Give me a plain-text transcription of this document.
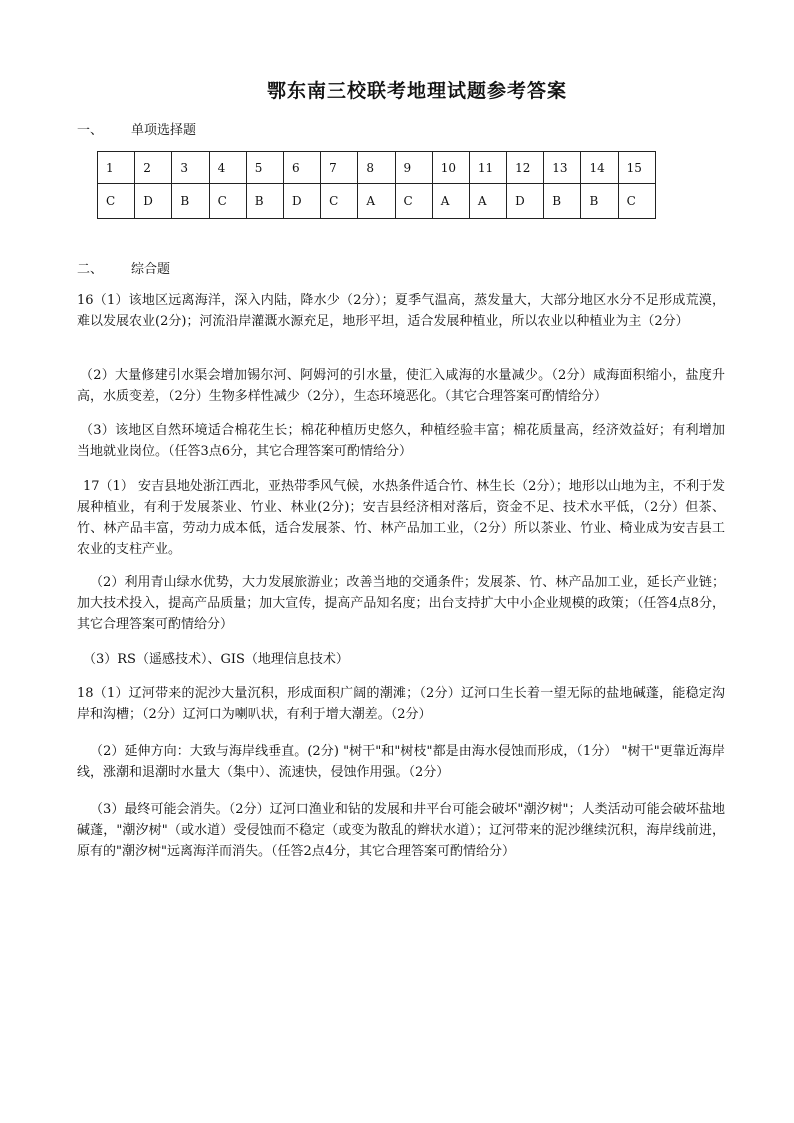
鄂东南三校联考地理试题参考答案
一、 单项选择题
1	2	3	4	5	6	7	8	9	10	11	12	13	14	15
C	D	B	C	B	D	C	A	C	A	A	D	B	B	C
二、 综合题
16（1）该地区远离海洋，深入内陆，降水少（2分）；夏季气温高，蒸发量大，大部分地区水分不足形成荒漠，难以发展农业(2分)；河流沿岸灌溉水源充足，地形平坦，适合发展种植业，所以农业以种植业为主（2分）
（2）大量修建引水渠会增加锡尔河、阿姆河的引水量，使汇入咸海的水量减少。（2分）咸海面积缩小，盐度升高，水质变差，（2分）生物多样性减少（2分），生态环境恶化。（其它合理答案可酌情给分）
（3）该地区自然环境适合棉花生长；棉花种植历史悠久，种植经验丰富；棉花质量高，经济效益好；有利增加当地就业岗位。（任答3点6分，其它合理答案可酌情给分）
17（1） 安吉县地处浙江西北，亚热带季风气候，水热条件适合竹、林生长（2分）；地形以山地为主，不利于发展种植业，有利于发展茶业、竹业、林业(2分)；安吉县经济相对落后，资金不足、技术水平低，（2分）但茶、竹、林产品丰富，劳动力成本低，适合发展茶、竹、林产品加工业，（2分）所以茶业、竹业、椅业成为安吉县工农业的支柱产业。
（2）利用青山绿水优势，大力发展旅游业；改善当地的交通条件；发展茶、竹、林产品加工业，延长产业链；加大技术投入，提高产品质量；加大宣传，提高产品知名度；出台支持扩大中小企业规模的政策；（任答4点8分，其它合理答案可酌情给分）
（3）RS（遥感技术）、GIS（地理信息技术）
18（1）辽河带来的泥沙大量沉积，形成面积广阔的潮滩；（2分）辽河口生长着一望无际的盐地碱蓬，能稳定沟岸和沟槽；（2分）辽河口为喇叭状，有利于增大潮差。（2分）
（2）延伸方向：大致与海岸线垂直。(2分) "树干"和"树枝"都是由海水侵蚀而形成，（1分） "树干"更靠近海岸线，涨潮和退潮时水量大（集中）、流速快，侵蚀作用强。（2分）
（3）最终可能会消失。（2分）辽河口渔业和钻的发展和井平台可能会破坏"潮汐树"；人类活动可能会破坏盐地碱蓬，"潮汐树"（或水道）受侵蚀而不稳定（或变为散乱的辫状水道）；辽河带来的泥沙继续沉积，海岸线前进，原有的"潮汐树"远离海洋而消失。（任答2点4分，其它合理答案可酌情给分）
